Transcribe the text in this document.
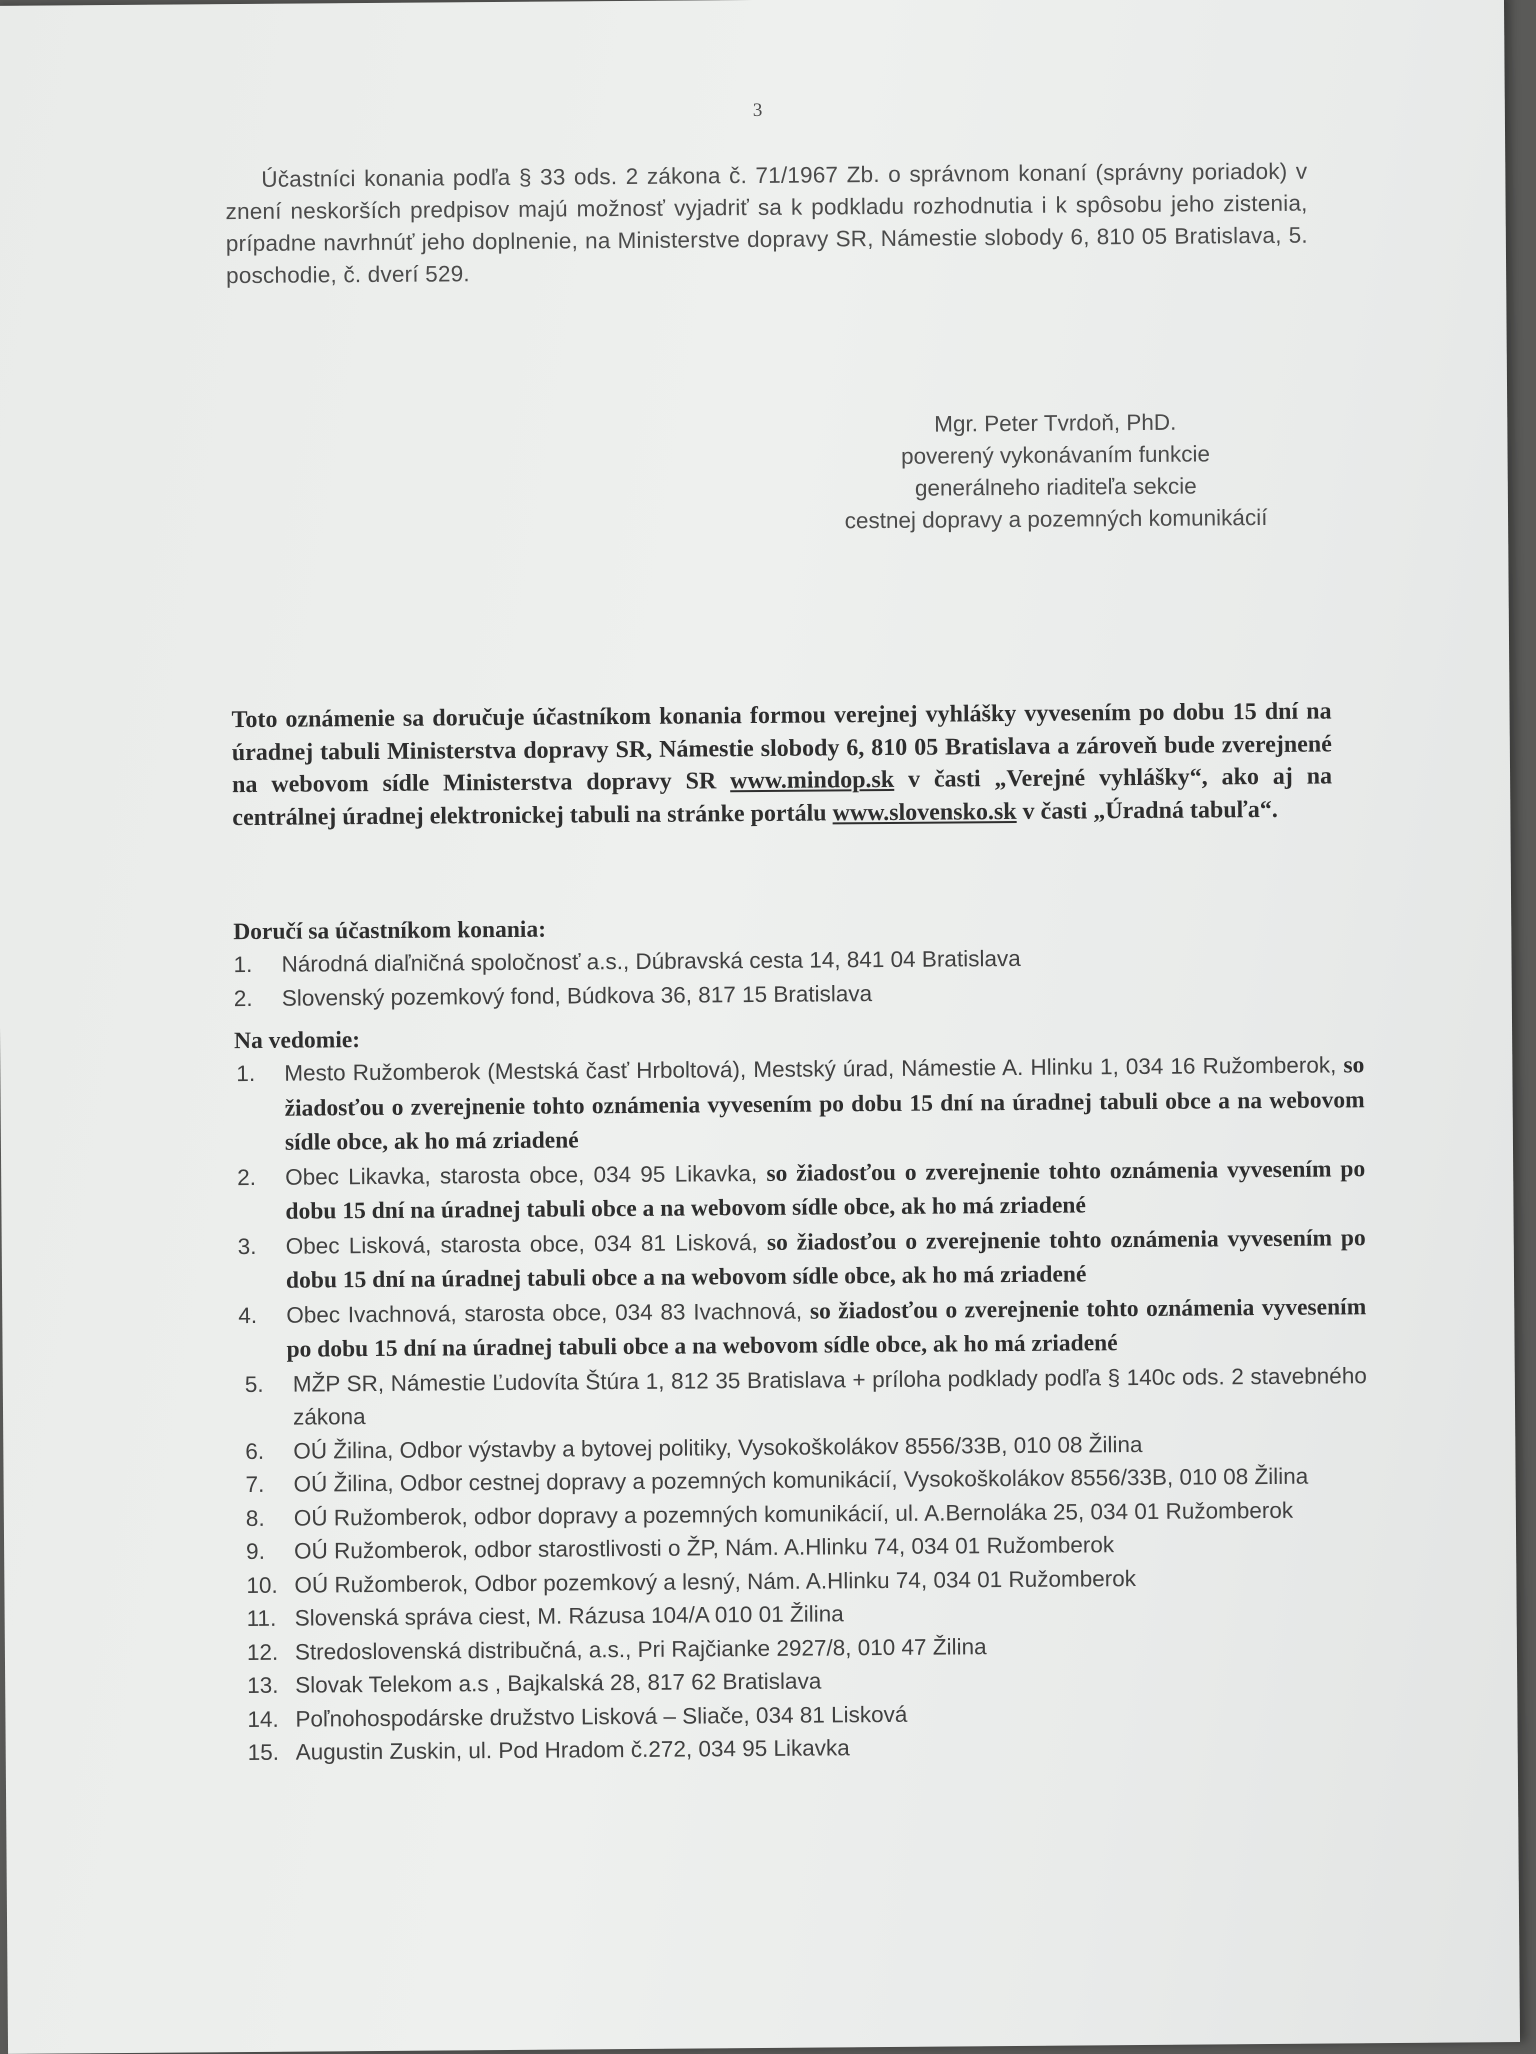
3

Účastníci konania podľa § 33 ods. 2 zákona č. 71/1967 Zb. o správnom konaní (správny poriadok) v znení neskorších predpisov majú možnosť vyjadriť sa k podkladu rozhodnutia i k spôsobu jeho zistenia, prípadne navrhnúť jeho doplnenie, na Ministerstve dopravy SR, Námestie slobody 6, 810 05 Bratislava, 5. poschodie, č. dverí 529.

Mgr. Peter Tvrdoň, PhD.
poverený vykonávaním funkcie
generálneho riaditeľa sekcie
cestnej dopravy a pozemných komunikácií

Toto oznámenie sa doručuje účastníkom konania formou verejnej vyhlášky vyvesením po dobu 15 dní na úradnej tabuli Ministerstva dopravy SR, Námestie slobody 6, 810 05 Bratislava a zároveň bude zverejnené na webovom sídle Ministerstva dopravy SR www.mindop.sk v časti „Verejné vyhlášky“, ako aj na centrálnej úradnej elektronickej tabuli na stránke portálu www.slovensko.sk v časti „Úradná tabuľa“.

Doručí sa účastníkom konania:
1.	Národná diaľničná spoločnosť a.s., Dúbravská cesta 14, 841 04 Bratislava
2.	Slovenský pozemkový fond, Búdkova 36, 817 15 Bratislava
Na vedomie:
1.	Mesto Ružomberok (Mestská časť Hrboltová), Mestský úrad, Námestie A. Hlinku 1, 034 16 Ružomberok, so žiadosťou o zverejnenie tohto oznámenia vyvesením po dobu 15 dní na úradnej tabuli obce a na webovom sídle obce, ak ho má zriadené
2.	Obec Likavka, starosta obce, 034 95 Likavka, so žiadosťou o zverejnenie tohto oznámenia vyvesením po dobu 15 dní na úradnej tabuli obce a na webovom sídle obce, ak ho má zriadené
3.	Obec Lisková, starosta obce, 034 81 Lisková, so žiadosťou o zverejnenie tohto oznámenia vyvesením po dobu 15 dní na úradnej tabuli obce a na webovom sídle obce, ak ho má zriadené
4.	Obec Ivachnová, starosta obce, 034 83 Ivachnová, so žiadosťou o zverejnenie tohto oznámenia vyvesením po dobu 15 dní na úradnej tabuli obce a na webovom sídle obce, ak ho má zriadené
5.	MŽP SR, Námestie Ľudovíta Štúra 1, 812 35 Bratislava + príloha podklady podľa § 140c ods. 2 stavebného zákona
6.	OÚ Žilina, Odbor výstavby a bytovej politiky, Vysokoškolákov 8556/33B, 010 08 Žilina
7.	OÚ Žilina, Odbor cestnej dopravy a pozemných komunikácií, Vysokoškolákov 8556/33B, 010 08 Žilina
8.	OÚ Ružomberok, odbor dopravy a pozemných komunikácií, ul. A.Bernoláka 25, 034 01 Ružomberok
9.	OÚ Ružomberok, odbor starostlivosti o ŽP, Nám. A.Hlinku 74, 034 01 Ružomberok
10. OÚ Ružomberok, Odbor pozemkový a lesný, Nám. A.Hlinku 74, 034 01 Ružomberok
11. Slovenská správa ciest, M. Rázusa 104/A 010 01 Žilina
12. Stredoslovenská distribučná, a.s., Pri Rajčianke 2927/8, 010 47 Žilina
13. Slovak Telekom a.s , Bajkalská 28, 817 62 Bratislava
14. Poľnohospodárske družstvo Lisková – Sliače, 034 81 Lisková
15. Augustin Zuskin, ul. Pod Hradom č.272, 034 95 Likavka
